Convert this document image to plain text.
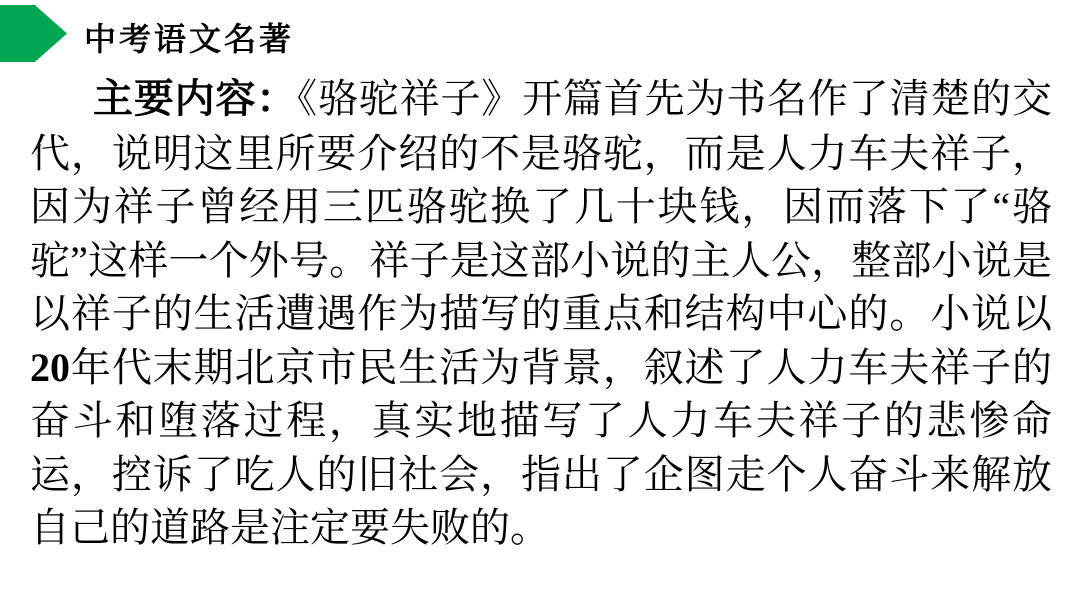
中考语文名著

主要内容：《骆驼祥子》开篇首先为书名作了清楚的交代，说明这里所要介绍的不是骆驼，而是人力车夫祥子，因为祥子曾经用三匹骆驼换了几十块钱，因而落下了“骆驼”这样一个外号。祥子是这部小说的主人公，整部小说是以祥子的生活遭遇作为描写的重点和结构中心的。小说以20年代末期北京市民生活为背景，叙述了人力车夫祥子的奋斗和堕落过程，真实地描写了人力车夫祥子的悲惨命运，控诉了吃人的旧社会，指出了企图走个人奋斗来解放自己的道路是注定要失败的。
